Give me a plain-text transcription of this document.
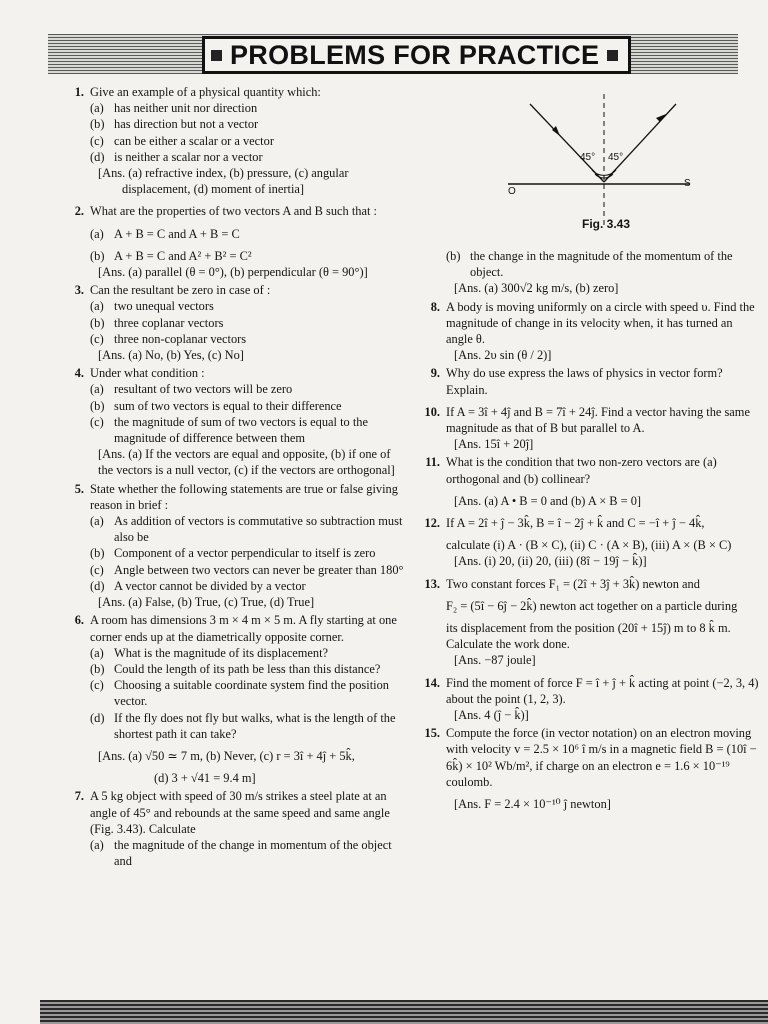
PROBLEMS FOR PRACTICE
45° 45°
O
S
Fig. 3.43
1. Give an example of a physical quantity which:
(a) has neither unit nor direction
(b) has direction but not a vector
(c) can be either a scalar or a vector
(d) is neither a scalar nor a vector
[Ans. (a) refractive index, (b) pressure, (c) angular
displacement, (d) moment of inertia]
2. What are the properties of two vectors A and B such that :
(a) A + B = C and A + B = C
(b) A + B = C and A² + B² = C²
[Ans. (a) parallel (θ = 0°), (b) perpendicular (θ = 90°)]
3. Can the resultant be zero in case of :
(a) two unequal vectors
(b) three coplanar vectors
(c) three non-coplanar vectors
[Ans. (a) No, (b) Yes, (c) No]
4. Under what condition :
(a) resultant of two vectors will be zero
(b) sum of two vectors is equal to their difference
(c) the magnitude of sum of two vectors is equal to the magnitude of difference between them
[Ans. (a) If the vectors are equal and opposite, (b) if one of the vectors is a null vector, (c) if the vectors are orthogonal]
5. State whether the following statements are true or false giving reason in brief :
(a) As addition of vectors is commutative so subtraction must also be
(b) Component of a vector perpendicular to itself is zero
(c) Angle between two vectors can never be greater than 180°
(d) A vector cannot be divided by a vector
[Ans. (a) False, (b) True, (c) True, (d) True]
6. A room has dimensions 3 m × 4 m × 5 m. A fly starting at one corner ends up at the diametrically opposite corner.
(a) What is the magnitude of its displacement?
(b) Could the length of its path be less than this distance?
(c) Choosing a suitable coordinate system find the position vector.
(d) If the fly does not fly but walks, what is the length of the shortest path it can take?
[Ans. (a) √50 ≃ 7 m, (b) Never, (c) r = 3î + 4ĵ + 5k̂,
(d) 3 + √41 = 9.4 m]
7. A 5 kg object with speed of 30 m/s strikes a steel plate at an angle of 45° and rebounds at the same speed and same angle (Fig. 3.43). Calculate
(a) the magnitude of the change in momentum of the object and
(b) the change in the magnitude of the momentum of the object.
[Ans. (a) 300√2 kg m/s, (b) zero]
8. A body is moving uniformly on a circle with speed υ. Find the magnitude of change in its velocity when, it has turned an angle θ.
[Ans. 2υ sin (θ / 2)]
9. Why do use express the laws of physics in vector form? Explain.
10. If A = 3î + 4ĵ and B = 7î + 24ĵ. Find a vector having the same magnitude as that of B but parallel to A.
[Ans. 15î + 20ĵ]
11. What is the condition that two non-zero vectors are (a) orthogonal and (b) collinear?
[Ans. (a) A • B = 0 and (b) A × B = 0]
12. If A = 2î + ĵ − 3k̂, B = î − 2ĵ + k̂ and C = −î + ĵ − 4k̂,
calculate (i) A · (B × C), (ii) C · (A × B), (iii) A × (B × C)
[Ans. (i) 20, (ii) 20, (iii) (8î − 19ĵ − k̂)]
13. Two constant forces F₁ = (2î + 3ĵ + 3k̂) newton and
F₂ = (5î − 6ĵ − 2k̂) newton act together on a particle during
its displacement from the position (20î + 15ĵ) m to 8 k̂ m. Calculate the work done.
[Ans. −87 joule]
14. Find the moment of force F = î + ĵ + k̂ acting at point (−2, 3, 4) about the point (1, 2, 3).
[Ans. 4 (ĵ − k̂)]
15. Compute the force (in vector notation) on an electron moving with velocity v = 2.5 × 10⁶ î m/s in a magnetic field B = (10î − 6k̂) × 10² Wb/m², if charge on an electron e = 1.6 × 10⁻¹⁹ coulomb.
[Ans. F = 2.4 × 10⁻¹⁰ ĵ newton]
